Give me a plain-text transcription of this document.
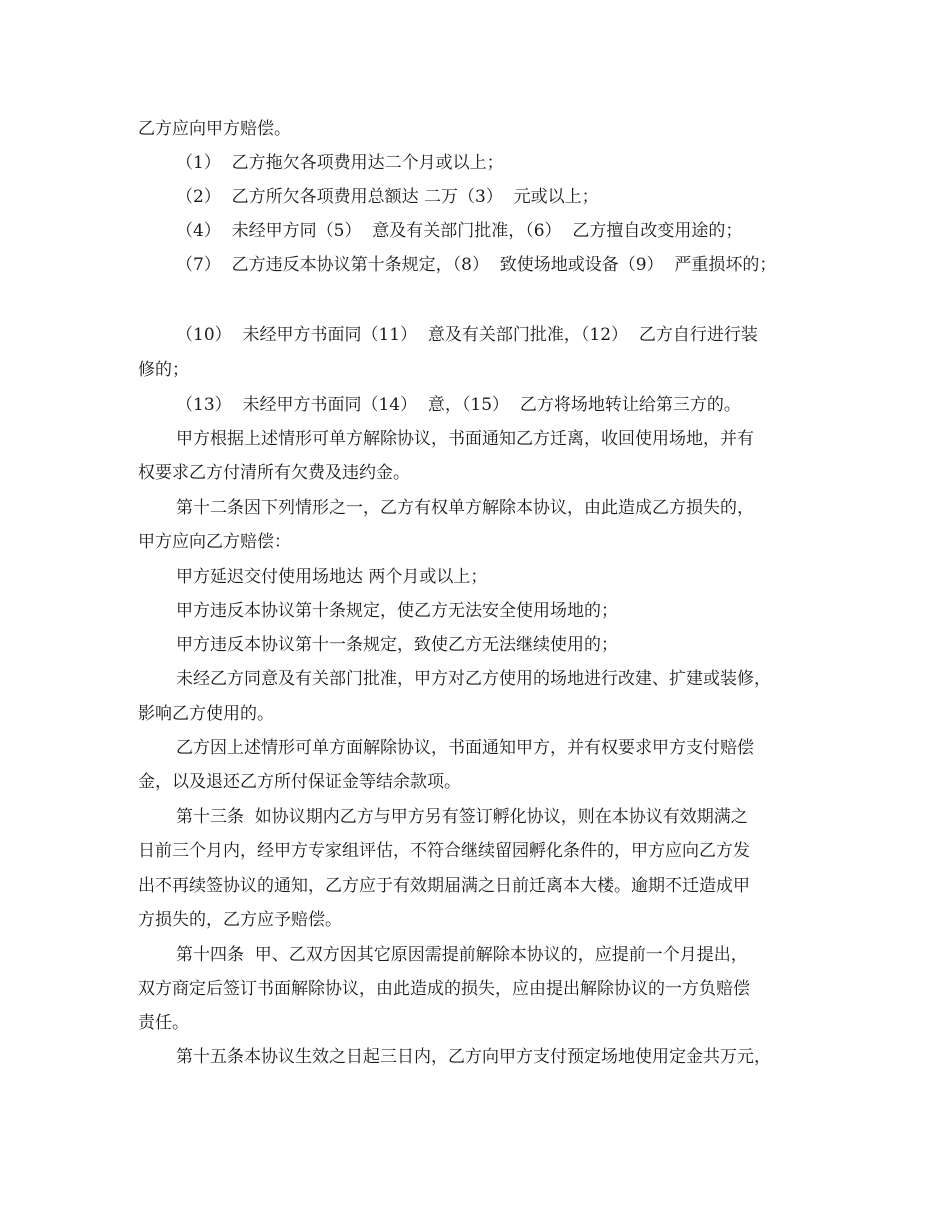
乙方应向甲方赔偿。

（1）  乙方拖欠各项费用达二个月或以上；

（2）  乙方所欠各项费用总额达 二万（3）  元或以上；

（4）  未经甲方同（5）  意及有关部门批准，（6）  乙方擅自改变用途的；

（7）  乙方违反本协议第十条规定，（8）  致使场地或设备（9）  严重损坏的；

（10）  未经甲方书面同（11）  意及有关部门批准，（12）  乙方自行进行装

修的；

（13）  未经甲方书面同（14）  意，（15）  乙方将场地转让给第三方的。

甲方根据上述情形可单方解除协议，书面通知乙方迁离，收回使用场地，并有

权要求乙方付清所有欠费及违约金。

第十二条因下列情形之一，乙方有权单方解除本协议，由此造成乙方损失的，

甲方应向乙方赔偿：

甲方延迟交付使用场地达 两个月或以上；

甲方违反本协议第十条规定，使乙方无法安全使用场地的；

甲方违反本协议第十一条规定，致使乙方无法继续使用的；

未经乙方同意及有关部门批准，甲方对乙方使用的场地进行改建、扩建或装修，

影响乙方使用的。

乙方因上述情形可单方面解除协议，书面通知甲方，并有权要求甲方支付赔偿

金，以及退还乙方所付保证金等结余款项。

第十三条  如协议期内乙方与甲方另有签订孵化协议，则在本协议有效期满之

日前三个月内，经甲方专家组评估，不符合继续留园孵化条件的，甲方应向乙方发

出不再续签协议的通知，乙方应于有效期届满之日前迁离本大楼。逾期不迁造成甲

方损失的，乙方应予赔偿。

第十四条  甲、乙双方因其它原因需提前解除本协议的，应提前一个月提出，

双方商定后签订书面解除协议，由此造成的损失，应由提出解除协议的一方负赔偿

责任。

第十五条本协议生效之日起三日内，乙方向甲方支付预定场地使用定金共万元，
